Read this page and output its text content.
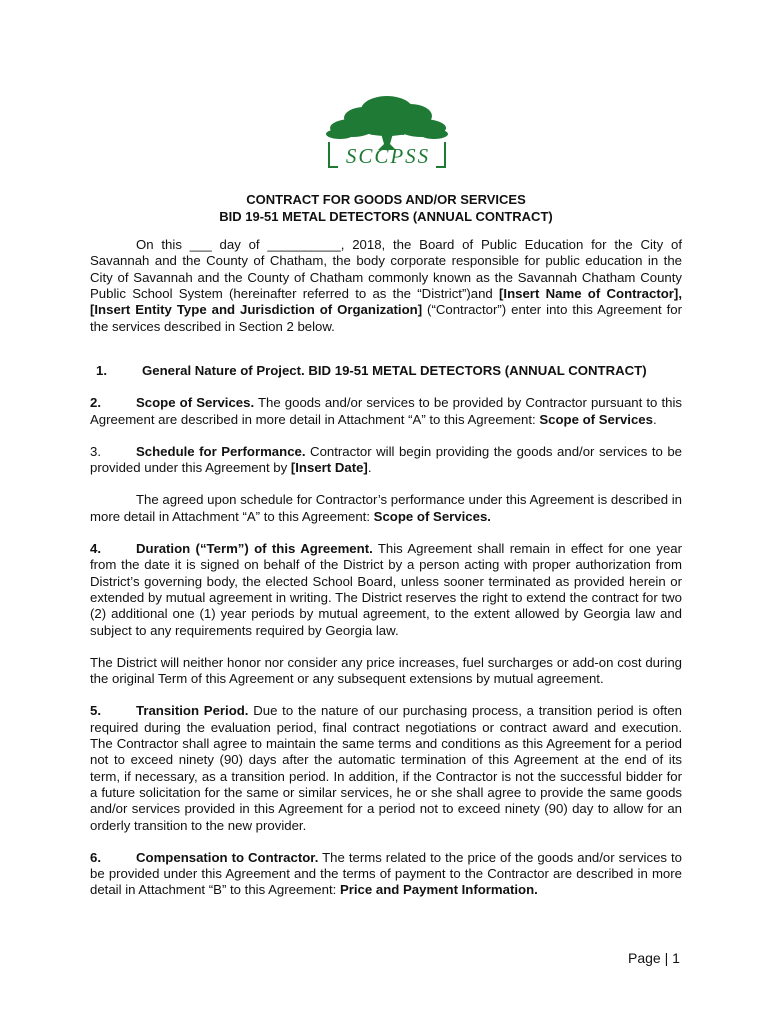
SCCPSS
CONTRACT FOR GOODS AND/OR SERVICES
BID 19-51 METAL DETECTORS (ANNUAL CONTRACT)

On this ___ day of __________, 2018, the Board of Public Education for the City of Savannah and the County of Chatham, the body corporate responsible for public education in the City of Savannah and the County of Chatham commonly known as the Savannah Chatham County Public School System (hereinafter referred to as the “District”)and [Insert Name of Contractor], [Insert Entity Type and Jurisdiction of Organization] (“Contractor”) enter into this Agreement for the services described in Section 2 below.

1.	General Nature of Project. BID 19-51 METAL DETECTORS (ANNUAL CONTRACT)

2.	Scope of Services. The goods and/or services to be provided by Contractor pursuant to this Agreement are described in more detail in Attachment “A” to this Agreement: Scope of Services.

3.	Schedule for Performance. Contractor will begin providing the goods and/or services to be provided under this Agreement by [Insert Date].

The agreed upon schedule for Contractor’s performance under this Agreement is described in more detail in Attachment “A” to this Agreement: Scope of Services.

4.	Duration (“Term”) of this Agreement. This Agreement shall remain in effect for one year from the date it is signed on behalf of the District by a person acting with proper authorization from District’s governing body, the elected School Board, unless sooner terminated as provided herein or extended by mutual agreement in writing. The District reserves the right to extend the contract for two (2) additional one (1) year periods by mutual agreement, to the extent allowed by Georgia law and subject to any requirements required by Georgia law.

The District will neither honor nor consider any price increases, fuel surcharges or add-on cost during the original Term of this Agreement or any subsequent extensions by mutual agreement.

5.	Transition Period. Due to the nature of our purchasing process, a transition period is often required during the evaluation period, final contract negotiations or contract award and execution. The Contractor shall agree to maintain the same terms and conditions as this Agreement for a period not to exceed ninety (90) days after the automatic termination of this Agreement at the end of its term, if necessary, as a transition period. In addition, if the Contractor is not the successful bidder for a future solicitation for the same or similar services, he or she shall agree to provide the same goods and/or services provided in this Agreement for a period not to exceed ninety (90) day to allow for an orderly transition to the new provider.

6.	Compensation to Contractor. The terms related to the price of the goods and/or services to be provided under this Agreement and the terms of payment to the Contractor are described in more detail in Attachment “B” to this Agreement: Price and Payment Information.

Page | 1
